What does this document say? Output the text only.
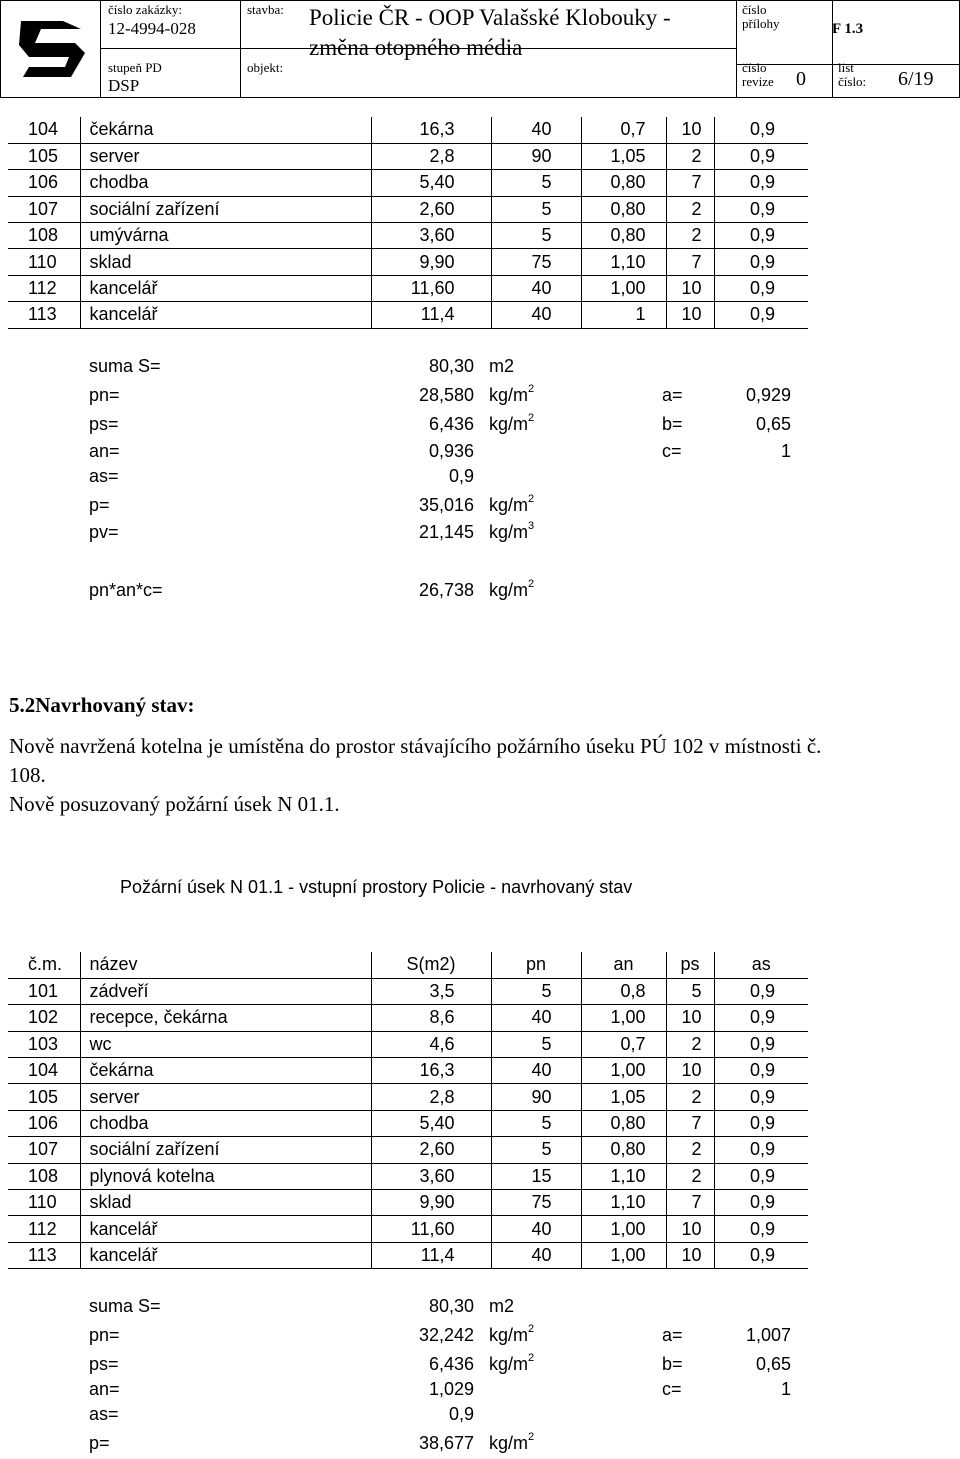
číslo zakázky:
12-4994-028
stupeň PD
DSP
stavba: Policie ČR - OOP Valašské Klobouky -
změna otopného média
objekt:
číslo
přílohy	F 1.3
číslo
revize 0
list
číslo: 6/19
104	čekárna	16,3	40	0,7	10	0,9
105	server	2,8	90	1,05	2	0,9
106	chodba	5,40	5	0,80	7	0,9
107	sociální zařízení	2,60	5	0,80	2	0,9
108	umývárna	3,60	5	0,80	2	0,9
110	sklad	9,90	75	1,10	7	0,9
112	kancelář	11,60	40	1,00	10	0,9
113	kancelář	11,4	40	1	10	0,9
suma S=	80,30 m2
pn=	28,580 $kg/m^2$	a=	0,929
ps=	6,436 $kg/m^2$	b=	0,65
an=	0,936	c=	1
as=	0,9
p=	35,016 $kg/m^2$
pv=	21,145 $kg/m^3$
pn*an*c=	26,738 $kg/m^2$
5.2Navrhovaný stav:
Nově navržená kotelna je umístěna do prostor stávajícího požárního úseku PÚ 102 v místnosti č.
108.
Nově posuzovaný požární úsek N 01.1.
Požární úsek N 01.1 - vstupní prostory Policie - navrhovaný stav
č.m.	název	S(m2)	pn	an	ps	as
101	zádveří	3,5	5	0,8	5	0,9
102	recepce, čekárna	8,6	40	1,00	10	0,9
103	wc	4,6	5	0,7	2	0,9
104	čekárna	16,3	40	1,00	10	0,9
105	server	2,8	90	1,05	2	0,9
106	chodba	5,40	5	0,80	7	0,9
107	sociální zařízení	2,60	5	0,80	2	0,9
108	plynová kotelna	3,60	15	1,10	2	0,9
110	sklad	9,90	75	1,10	7	0,9
112	kancelář	11,60	40	1,00	10	0,9
113	kancelář	11,4	40	1,00	10	0,9
suma S=	80,30 m2
pn=	32,242 $kg/m^2$	a=	1,007
ps=	6,436 $kg/m^2$	b=	0,65
an=	1,029	c=	1
as=	0,9
p=	38,677 $kg/m^2$
